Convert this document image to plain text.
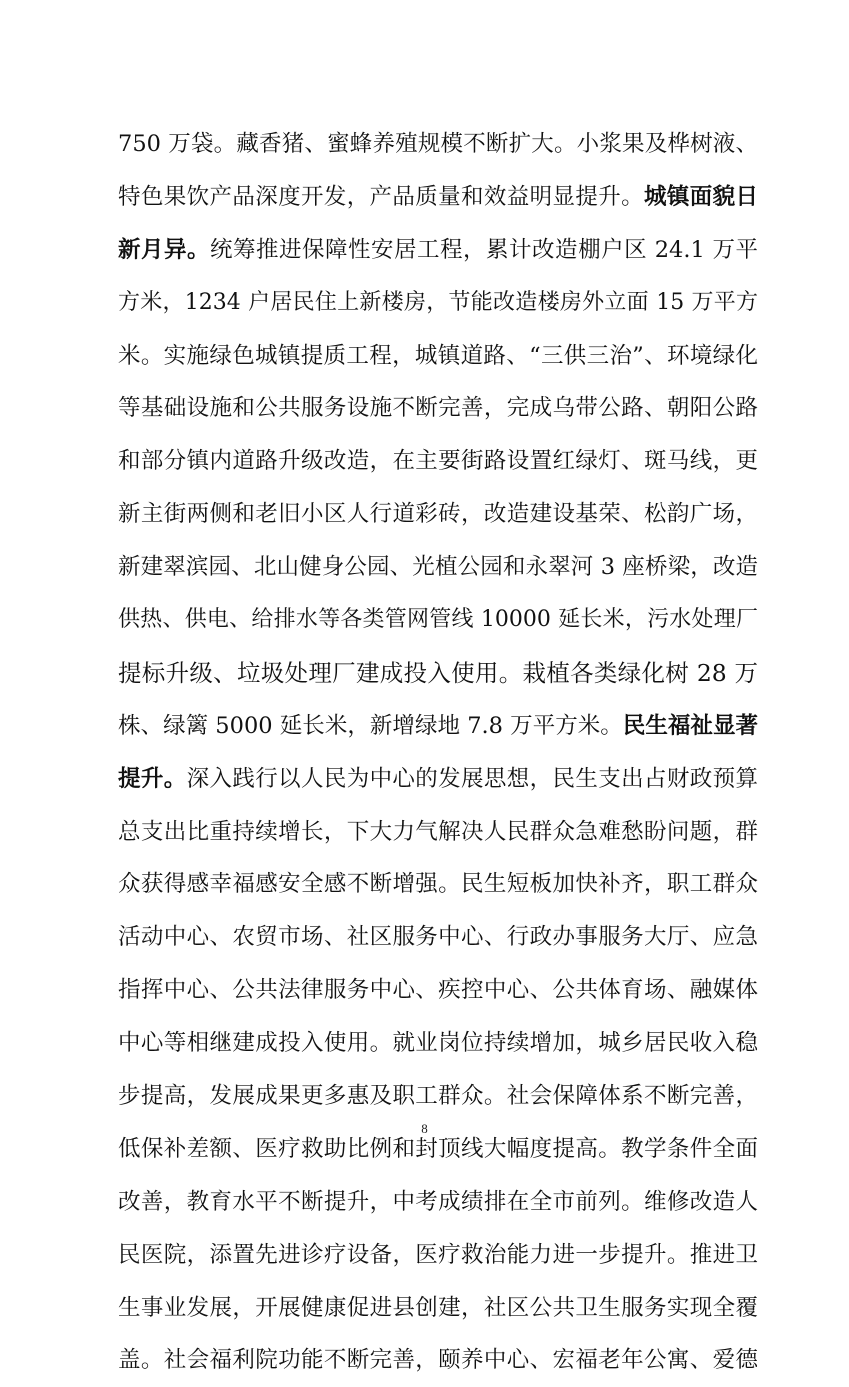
750 万袋。藏香猪、蜜蜂养殖规模不断扩大。小浆果及桦树液、
特色果饮产品深度开发，产品质量和效益明显提升。城镇面貌日
新月异。统筹推进保障性安居工程，累计改造棚户区 24.1 万平
方米，1234 户居民住上新楼房，节能改造楼房外立面 15 万平方
米。实施绿色城镇提质工程，城镇道路、“三供三治”、环境绿化
等基础设施和公共服务设施不断完善，完成乌带公路、朝阳公路
和部分镇内道路升级改造，在主要街路设置红绿灯、斑马线，更
新主街两侧和老旧小区人行道彩砖，改造建设基荣、松韵广场，
新建翠滨园、北山健身公园、光植公园和永翠河 3 座桥梁，改造
供热、供电、给排水等各类管网管线 10000 延长米，污水处理厂
提标升级、垃圾处理厂建成投入使用。栽植各类绿化树 28 万
株、绿篱 5000 延长米，新增绿地 7.8 万平方米。民生福祉显著
提升。深入践行以人民为中心的发展思想，民生支出占财政预算
总支出比重持续增长，下大力气解决人民群众急难愁盼问题，群
众获得感幸福感安全感不断增强。民生短板加快补齐，职工群众
活动中心、农贸市场、社区服务中心、行政办事服务大厅、应急
指挥中心、公共法律服务中心、疾控中心、公共体育场、融媒体
中心等相继建成投入使用。就业岗位持续增加，城乡居民收入稳
步提高，发展成果更多惠及职工群众。社会保障体系不断完善，
低保补差额、医疗救助比例和封顶线大幅度提高。教学条件全面
改善，教育水平不断提升，中考成绩排在全市前列。维修改造人
民医院，添置先进诊疗设备，医疗救治能力进一步提升。推进卫
生事业发展，开展健康促进县创建，社区公共卫生服务实现全覆
盖。社会福利院功能不断完善，颐养中心、宏福老年公寓、爱德
8
